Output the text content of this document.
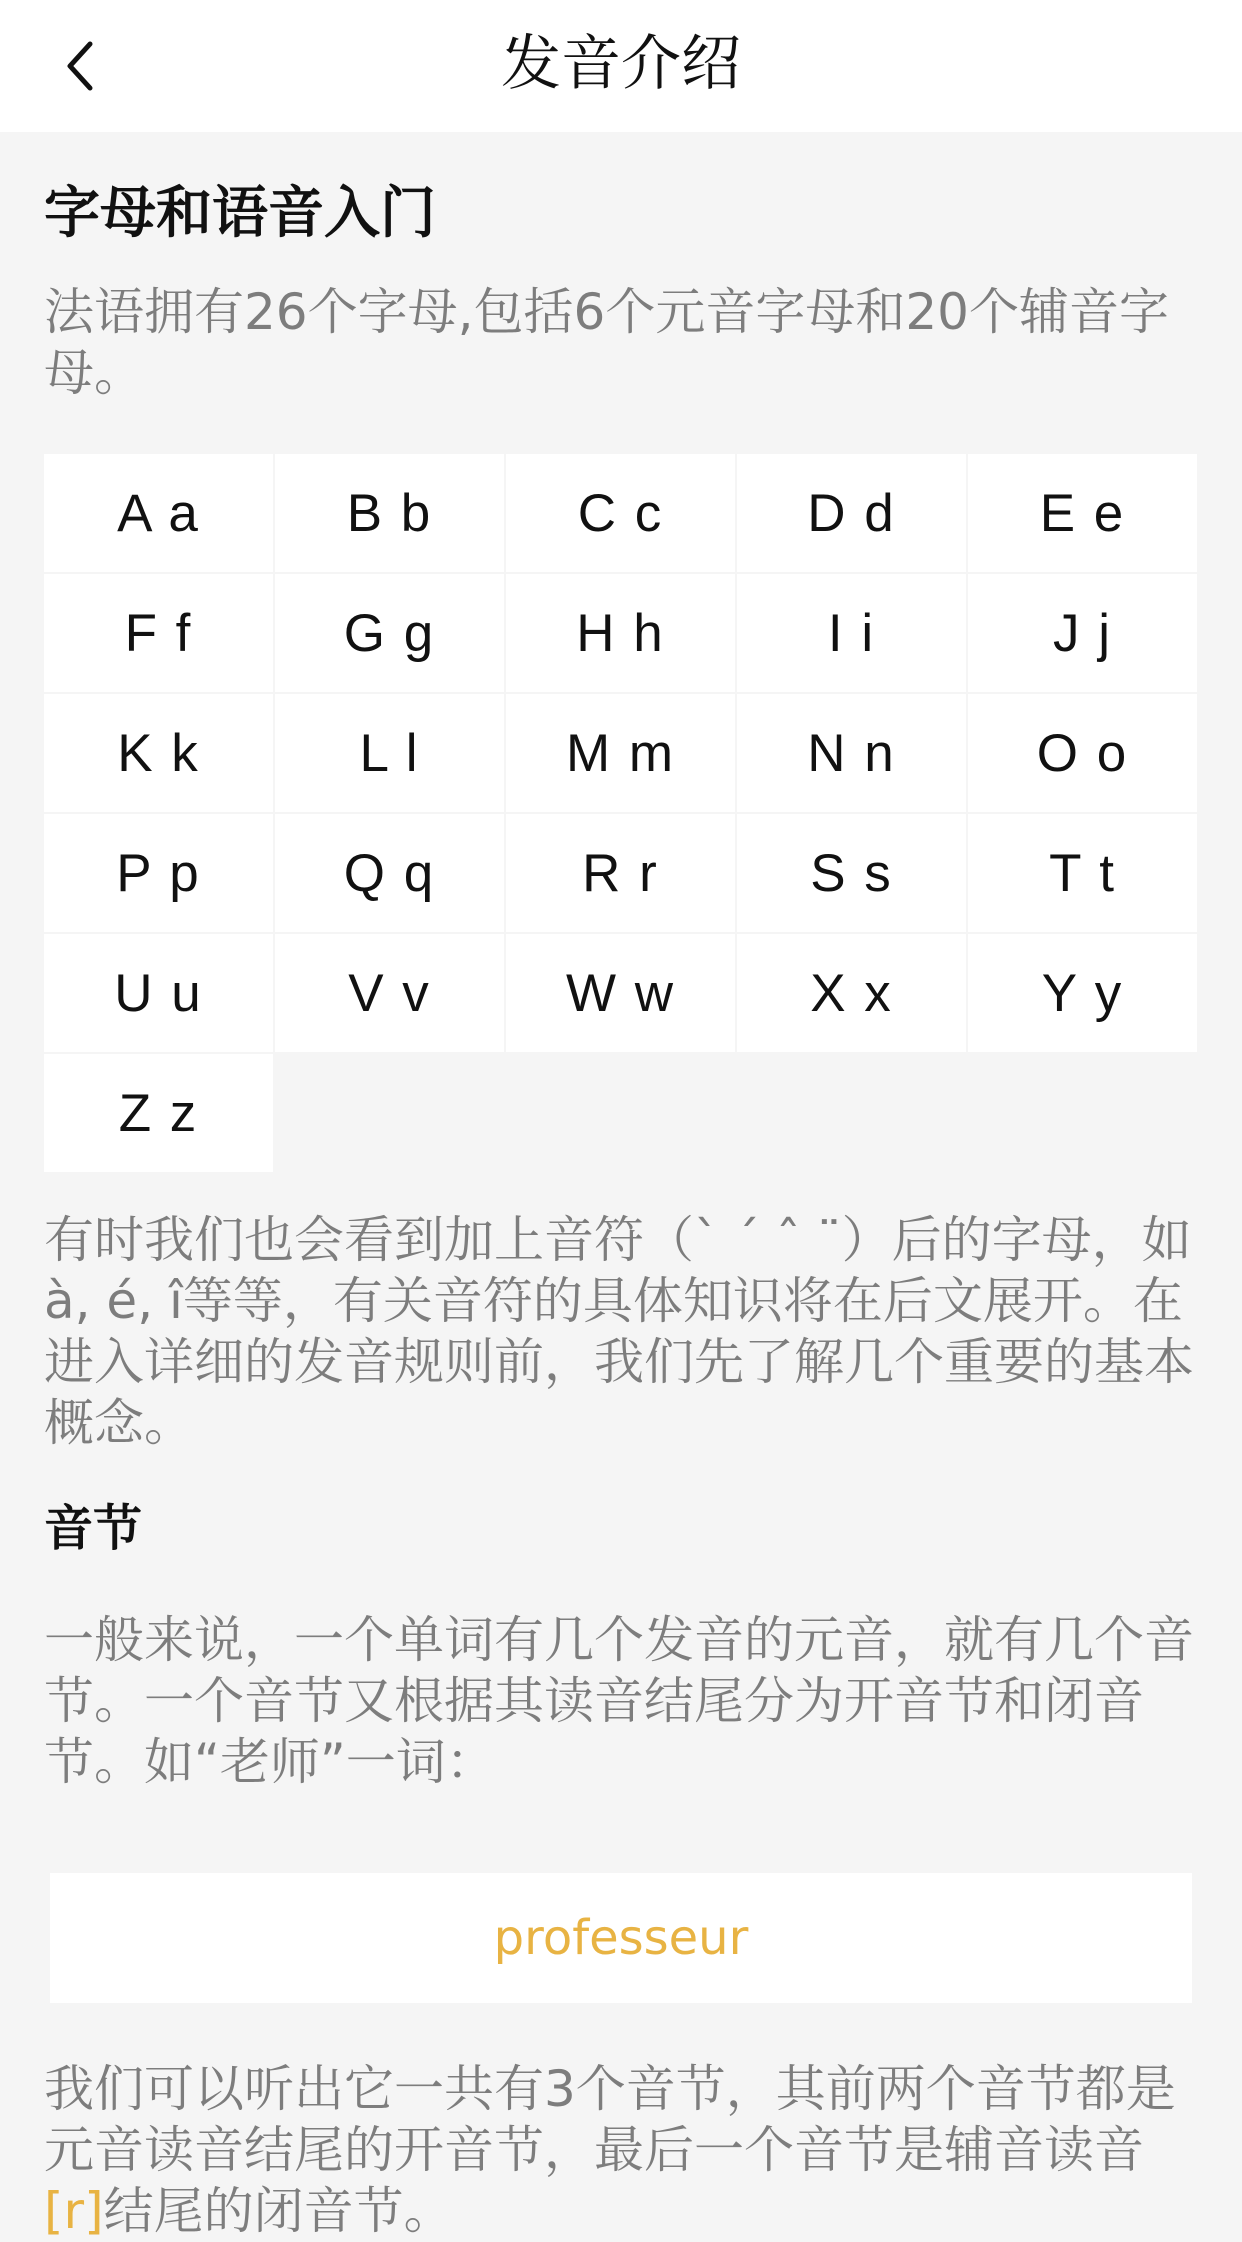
发音介绍
字母和语音入门
法语拥有26个字母,包括6个元音字母和20个辅音字母。
A a	B b	C c	D d	E e
F f	G g	H h	I i	J j
K k	L l	M m	N n	O o
P p	Q q	R r	S s	T t
U u	V v	W w	X x	Y y
Z z
有时我们也会看到加上音符（` ´ ˆ ¨）后的字母，如à, é, î等等，有关音符的具体知识将在后文展开。在进入详细的发音规则前，我们先了解几个重要的基本概念。
音节
一般来说，一个单词有几个发音的元音，就有几个音节。一个音节又根据其读音结尾分为开音节和闭音节。如“老师”一词：
professeur
我们可以听出它一共有3个音节，其前两个音节都是元音读音结尾的开音节，最后一个音节是辅音读音[r]结尾的闭音节。
